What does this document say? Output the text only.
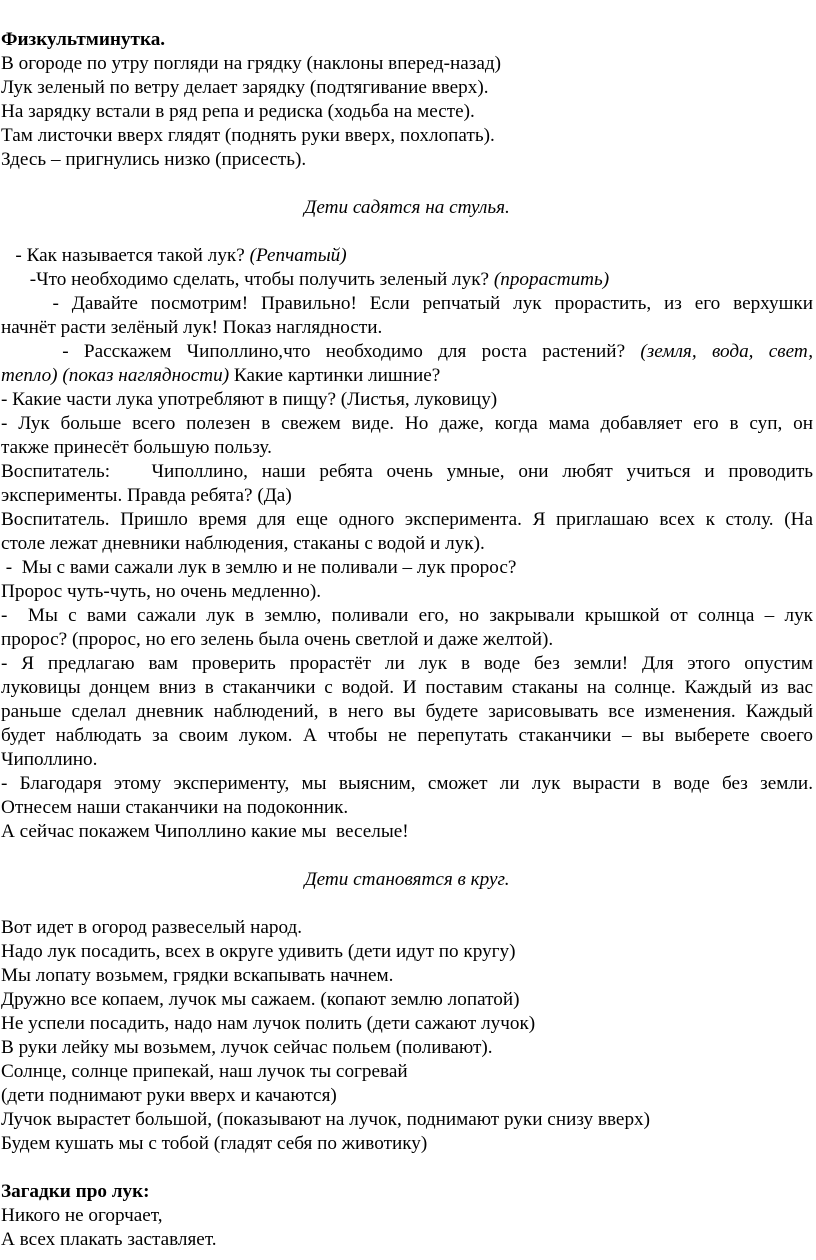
Физкультминутка.
В огороде по утру погляди на грядку (наклоны вперед-назад)
Лук зеленый по ветру делает зарядку (подтягивание вверх).
На зарядку встали в ряд репа и редиска (ходьба на месте).
Там листочки вверх глядят (поднять руки вверх, похлопать).
Здесь – пригнулись низко (присесть).
Дети садятся на стулья.
- Как называется такой лук? (Репчатый)
-Что необходимо сделать, чтобы получить зеленый лук? (прорастить)
- Давайте посмотрим! Правильно! Если репчатый лук прорастить, из его верхушки
начнёт расти зелёный лук! Показ наглядности.
- Расскажем Чиполлино,что необходимо для роста растений? (земля, вода, свет,
тепло) (показ наглядности) Какие картинки лишние?
- Какие части лука употребляют в пищу? (Листья, луковицу)
- Лук больше всего полезен в свежем виде. Но даже, когда мама добавляет его в суп, он
также принесёт большую пользу.
Воспитатель:   Чиполлино, наши ребята очень умные, они любят учиться и проводить
эксперименты. Правда ребята? (Да)
Воспитатель. Пришло время для еще одного эксперимента. Я приглашаю всех к столу. (На
столе лежат дневники наблюдения, стаканы с водой и лук).
-  Мы с вами сажали лук в землю и не поливали – лук пророс?
Пророс чуть-чуть, но очень медленно).
-  Мы с вами сажали лук в землю, поливали его, но закрывали крышкой от солнца – лук
пророс? (пророс, но его зелень была очень светлой и даже желтой).
- Я предлагаю вам проверить прорастёт ли лук в воде без земли! Для этого опустим
луковицы донцем вниз в стаканчики с водой. И поставим стаканы на солнце. Каждый из вас
раньше сделал дневник наблюдений, в него вы будете зарисовывать все изменения. Каждый
будет наблюдать за своим луком. А чтобы не перепутать стаканчики – вы выберете своего
Чиполлино.
- Благодаря этому эксперименту, мы выясним, сможет ли лук вырасти в воде без земли.
Отнесем наши стаканчики на подоконник.
А сейчас покажем Чиполлино какие мы  веселые!
Дети становятся в круг.
Вот идет в огород развеселый народ.
Надо лук посадить, всех в округе удивить (дети идут по кругу)
Мы лопату возьмем, грядки вскапывать начнем.
Дружно все копаем, лучок мы сажаем. (копают землю лопатой)
Не успели посадить, надо нам лучок полить (дети сажают лучок)
В руки лейку мы возьмем, лучок сейчас польем (поливают).
Солнце, солнце припекай, наш лучок ты согревай
(дети поднимают руки вверх и качаются)
Лучок вырастет большой, (показывают на лучок, поднимают руки снизу вверх)
Будем кушать мы с тобой (гладят себя по животику)
Загадки про лук:
Никого не огорчает,
А всех плакать заставляет.
